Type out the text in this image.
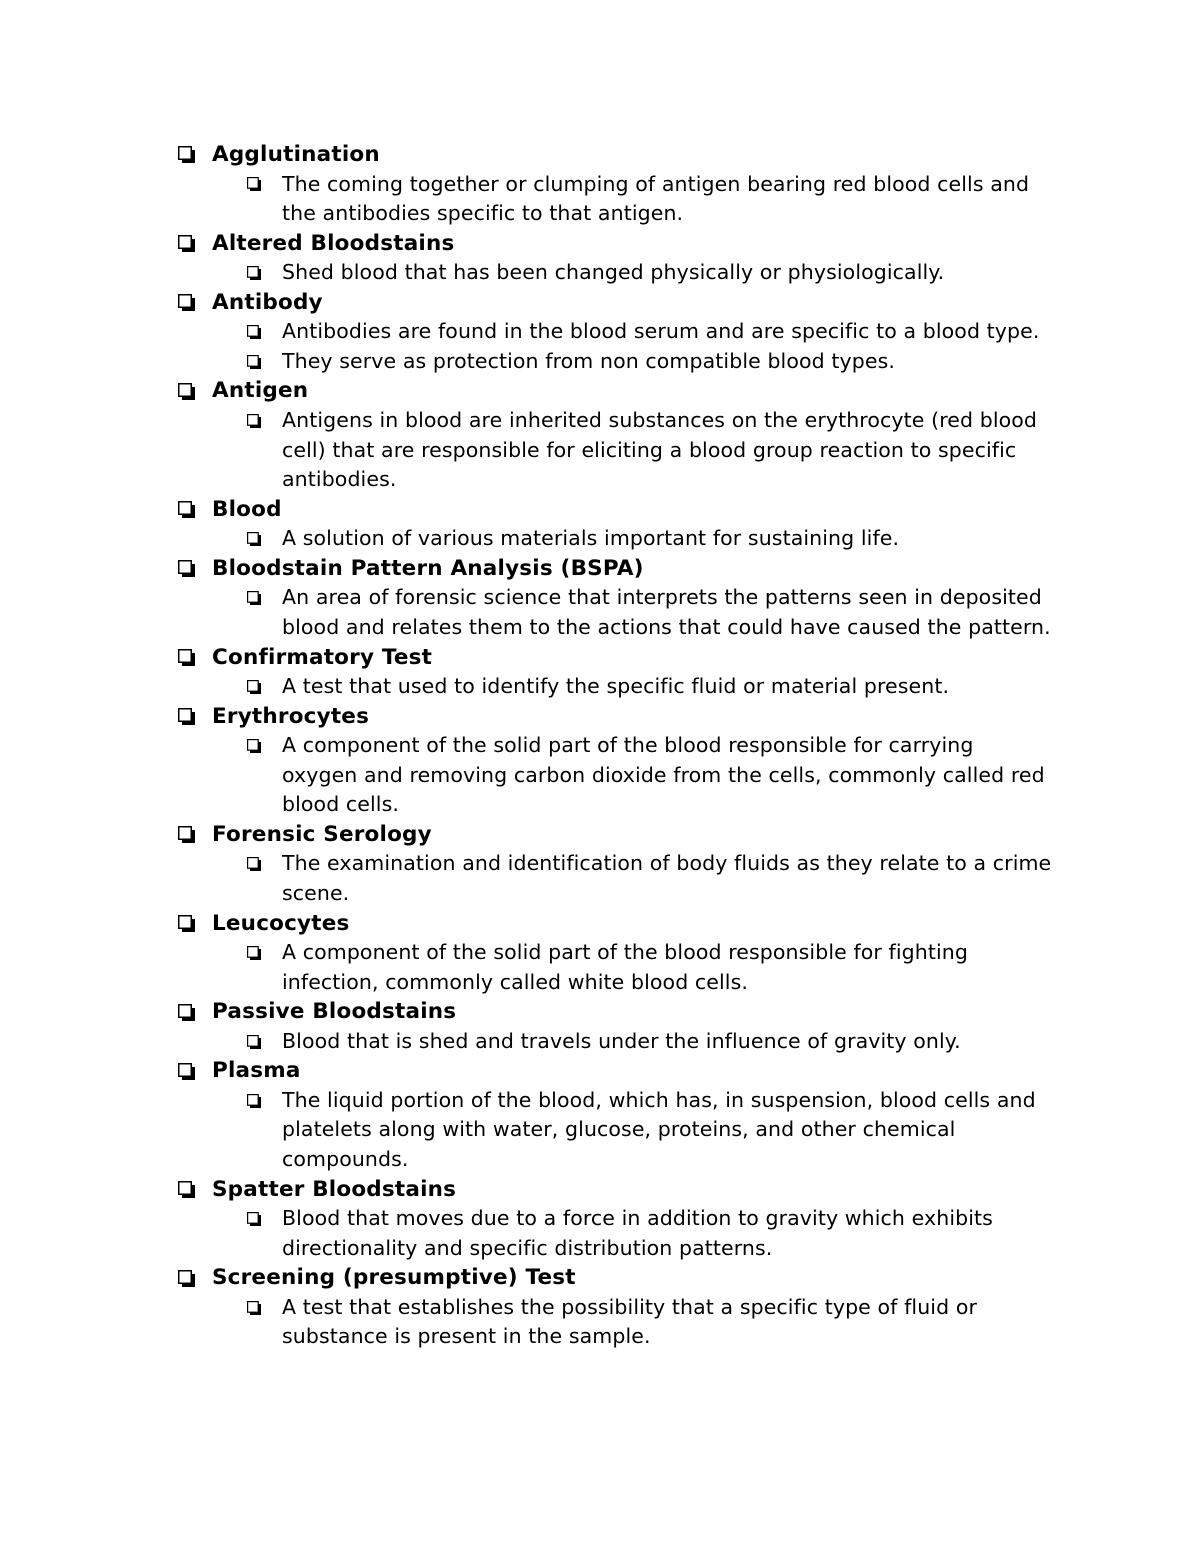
Agglutination
The coming together or clumping of antigen bearing red blood cells and the antibodies specific to that antigen.
Altered Bloodstains
Shed blood that has been changed physically or physiologically.
Antibody
Antibodies are found in the blood serum and are specific to a blood type.
They serve as protection from non compatible blood types.
Antigen
Antigens in blood are inherited substances on the erythrocyte (red blood cell) that are responsible for eliciting a blood group reaction to specific antibodies.
Blood
A solution of various materials important for sustaining life.
Bloodstain Pattern Analysis (BSPA)
An area of forensic science that interprets the patterns seen in deposited blood and relates them to the actions that could have caused the pattern.
Confirmatory Test
A test that used to identify the specific fluid or material present.
Erythrocytes
A component of the solid part of the blood responsible for carrying oxygen and removing carbon dioxide from the cells, commonly called red blood cells.
Forensic Serology
The examination and identification of body fluids as they relate to a crime scene.
Leucocytes
A component of the solid part of the blood responsible for fighting infection, commonly called white blood cells.
Passive Bloodstains
Blood that is shed and travels under the influence of gravity only.
Plasma
The liquid portion of the blood, which has, in suspension, blood cells and platelets along with water, glucose, proteins, and other chemical compounds.
Spatter Bloodstains
Blood that moves due to a force in addition to gravity which exhibits directionality and specific distribution patterns.
Screening (presumptive) Test
A test that establishes the possibility that a specific type of fluid or substance is present in the sample.
